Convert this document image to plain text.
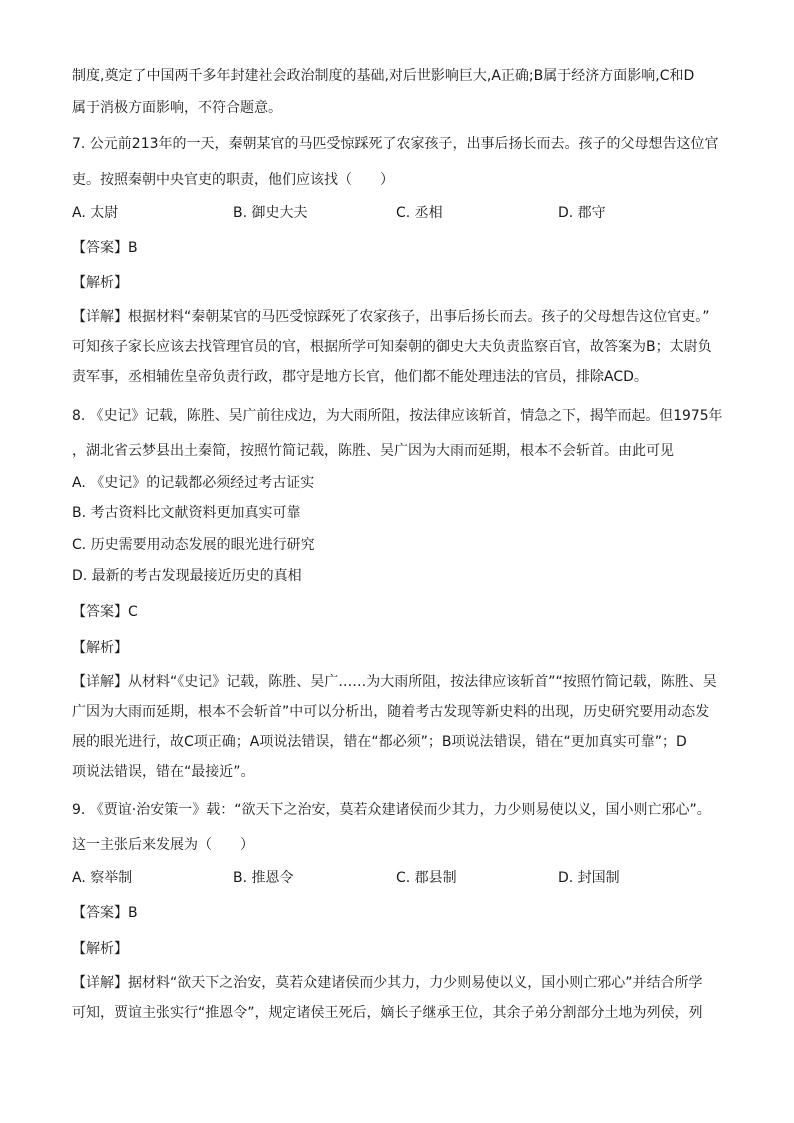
制度,奠定了中国两千多年封建社会政治制度的基础,对后世影响巨大,A正确;B属于经济方面影响,C和D
属于消极方面影响，不符合题意。
7. 公元前213年的一天，秦朝某官的马匹受惊踩死了农家孩子，出事后扬长而去。孩子的父母想告这位官
吏。按照秦朝中央官吏的职责，他们应该找（　　）
A. 太尉	B. 御史大夫	C. 丞相	D. 郡守
【答案】B
【解析】
【详解】根据材料“秦朝某官的马匹受惊踩死了农家孩子，出事后扬长而去。孩子的父母想告这位官吏。”
可知孩子家长应该去找管理官员的官，根据所学可知秦朝的御史大夫负责监察百官，故答案为B；太尉负
责军事，丞相辅佐皇帝负责行政，郡守是地方长官，他们都不能处理违法的官员，排除ACD。
8. 《史记》记载，陈胜、吴广前往戍边，为大雨所阻，按法律应该斩首，情急之下，揭竿而起。但1975年
，湖北省云梦县出土秦简，按照竹简记载，陈胜、吴广因为大雨而延期，根本不会斩首。由此可见
A. 《史记》的记载都必须经过考古证实
B. 考古资料比文献资料更加真实可靠
C. 历史需要用动态发展的眼光进行研究
D. 最新的考古发现最接近历史的真相
【答案】C
【解析】
【详解】从材料“《史记》记载，陈胜、吴广……为大雨所阻，按法律应该斩首”“按照竹简记载，陈胜、吴
广因为大雨而延期，根本不会斩首”中可以分析出，随着考古发现等新史料的出现，历史研究要用动态发
展的眼光进行，故C项正确；A项说法错误，错在“都必须”；B项说法错误，错在“更加真实可靠”；D
项说法错误，错在“最接近”。
9. 《贾谊·治安策一》载：“欲天下之治安，莫若众建诸侯而少其力，力少则易使以义，国小则亡邪心”。
这一主张后来发展为（　　）
A. 察举制	B. 推恩令	C. 郡县制	D. 封国制
【答案】B
【解析】
【详解】据材料“欲天下之治安，莫若众建诸侯而少其力，力少则易使以义，国小则亡邪心”并结合所学
可知，贾谊主张实行“推恩令”，规定诸侯王死后，嫡长子继承王位，其余子弟分割部分土地为列侯，列
